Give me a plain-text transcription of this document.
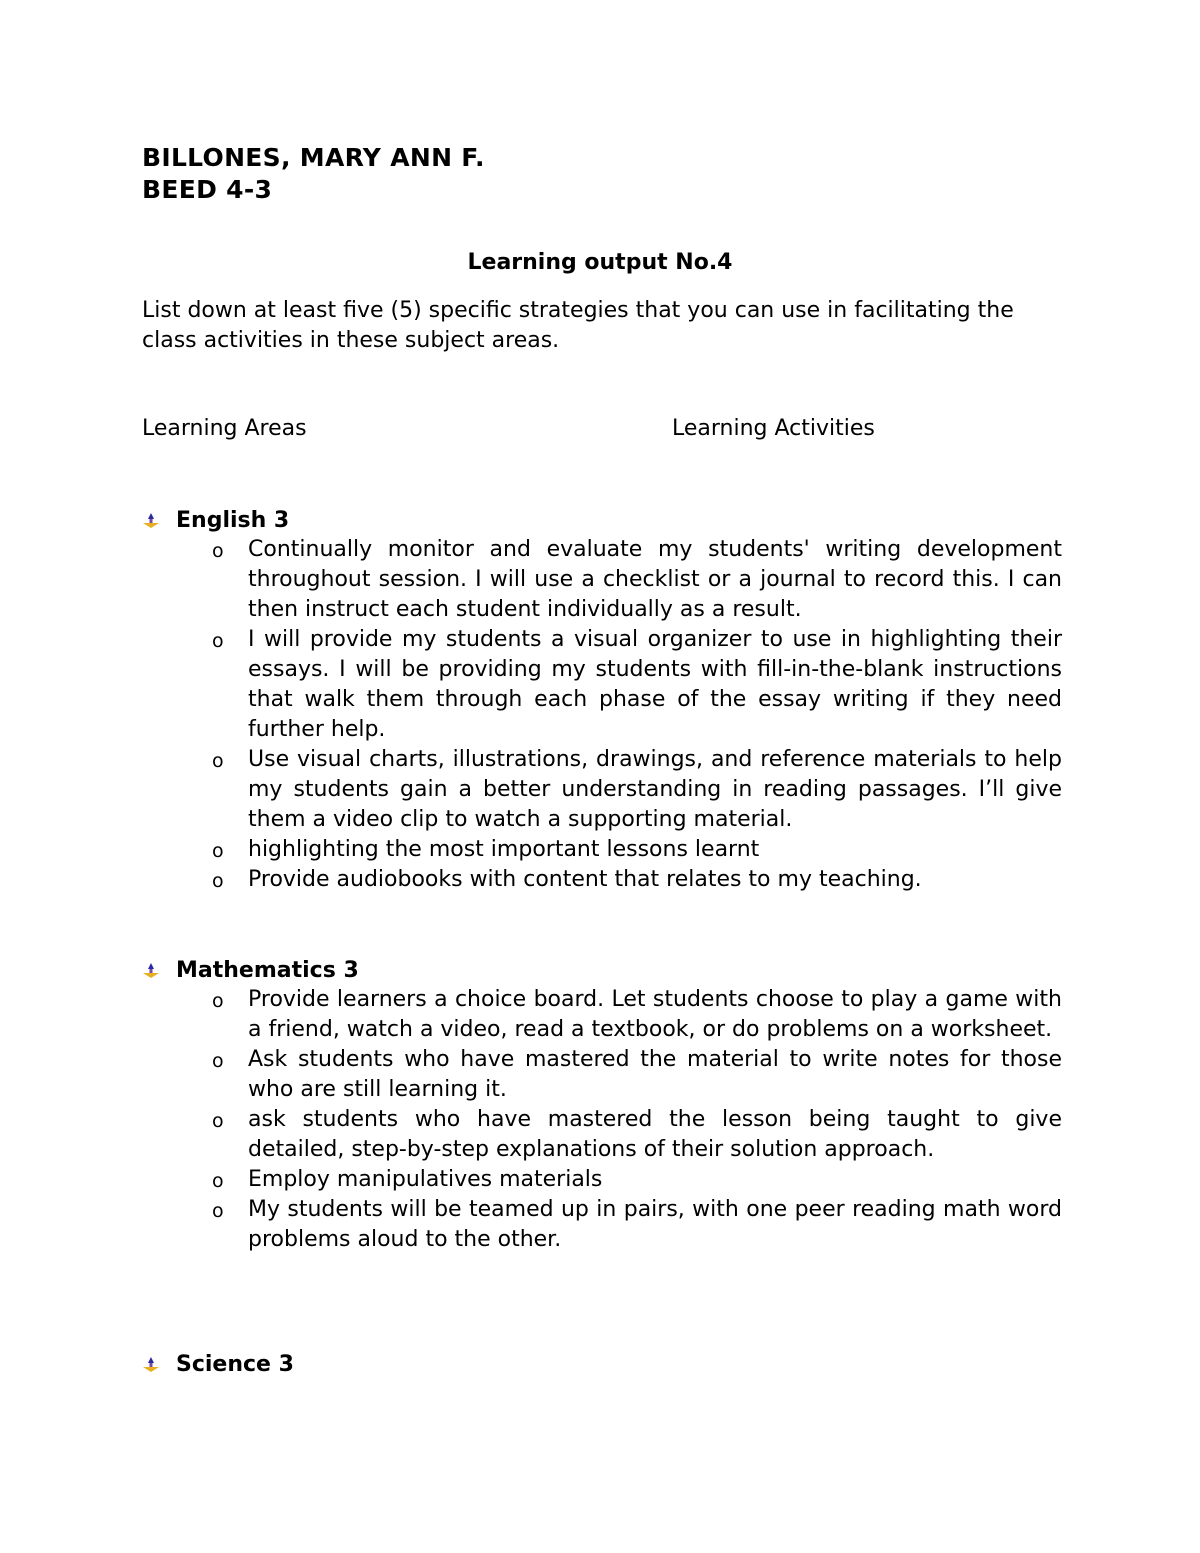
BILLONES, MARY ANN F.
BEED 4-3
Learning output No.4
List down at least five (5) specific strategies that you can use in facilitating the class activities in these subject areas.
Learning Areas	Learning Activities
English 3
o Continually monitor and evaluate my students' writing development throughout session. I will use a checklist or a journal to record this. I can then instruct each student individually as a result.
o I will provide my students a visual organizer to use in highlighting their essays. I will be providing my students with fill-in-the-blank instructions that walk them through each phase of the essay writing if they need further help.
o Use visual charts, illustrations, drawings, and reference materials to help my students gain a better understanding in reading passages. I’ll give them a video clip to watch a supporting material.
o highlighting the most important lessons learnt
o Provide audiobooks with content that relates to my teaching.
Mathematics 3
o Provide learners a choice board. Let students choose to play a game with a friend, watch a video, read a textbook, or do problems on a worksheet.
o Ask students who have mastered the material to write notes for those who are still learning it.
o ask students who have mastered the lesson being taught to give detailed, step-by-step explanations of their solution approach.
o Employ manipulatives materials
o My students will be teamed up in pairs, with one peer reading math word problems aloud to the other.
Science 3
